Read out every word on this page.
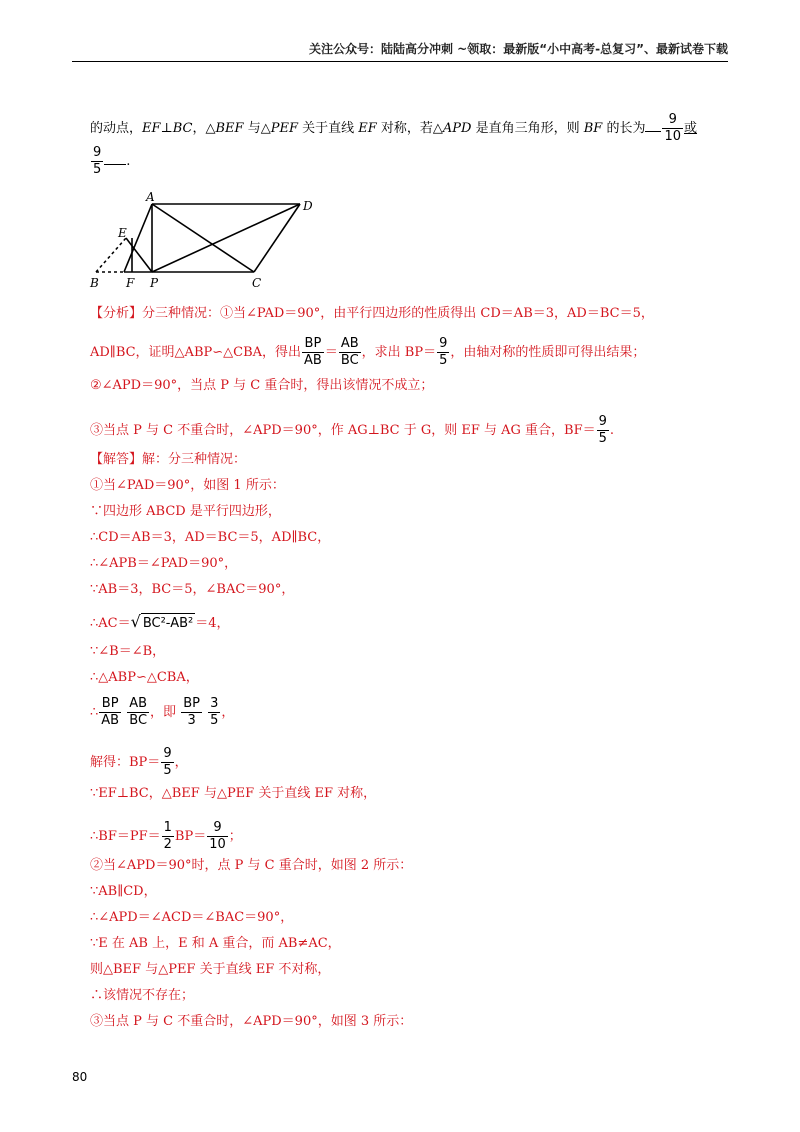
关注公众号：陆陆高分冲刺 ~领取：最新版“小中高考-总复习”、最新试卷下载
的动点，EF⊥BC，△BEF 与△PEF 关于直线 EF 对称，若△APD 是直角三角形，则 BF 的长为 $\frac{9}{10}$ 或
$\frac{9}{5}$ .
A
D
E
B F P	C
【分析】分三种情况：①当∠PAD＝90°，由平行四边形的性质得出 CD＝AB＝3，AD＝BC＝5，
AD∥BC，证明△ABP∽△CBA，得出 $\frac{BP}{AB} = \frac{AB}{BC}$ ，求出 $BP= \frac{9}{5}$ ，由轴对称的性质即可得出结果；
②∠APD＝90°，当点 P 与 C 重合时，得出该情况不成立；
③当点 P 与 C 不重合时，∠APD＝90°，作 AG⊥BC 于 G，则 EF 与 AG 重合，$BF= \frac{9}{5}$ .
【解答】解：分三种情况：
①当∠PAD＝90°，如图 1 所示：
∵四边形 ABCD 是平行四边形，
∴CD＝AB＝3，AD＝BC＝5，AD∥BC，
∴∠APB＝∠PAD＝90°，
∵AB＝3，BC＝5，∠BAC＝90°，
∴AC＝√ BC²-AB² ＝4，
∵∠B＝∠B，
∴△ABP∽△CBA，
∴ $\frac{BP}{AB}$
$\frac{AB}{BC}$ ，即 $\frac{BP}{3}$
$\frac{3}{5}$ ，
解得：$BP= \frac{9}{5}$ ，
∵EF⊥BC，△BEF 与△PEF 关于直线 EF 对称，
∴BF＝PF＝ $\frac{1}{2} BP= \frac{9}{10}$ ；
②当∠APD＝90°时，点 P 与 C 重合时，如图 2 所示：
∵AB∥CD，
∴∠APD＝∠ACD＝∠BAC＝90°，
∵E 在 AB 上，E 和 A 重合，而 AB≠AC，
则△BEF 与△PEF 关于直线 EF 不对称，
∴该情况不存在；
③当点 P 与 C 不重合时，∠APD＝90°，如图 3 所示：
80
